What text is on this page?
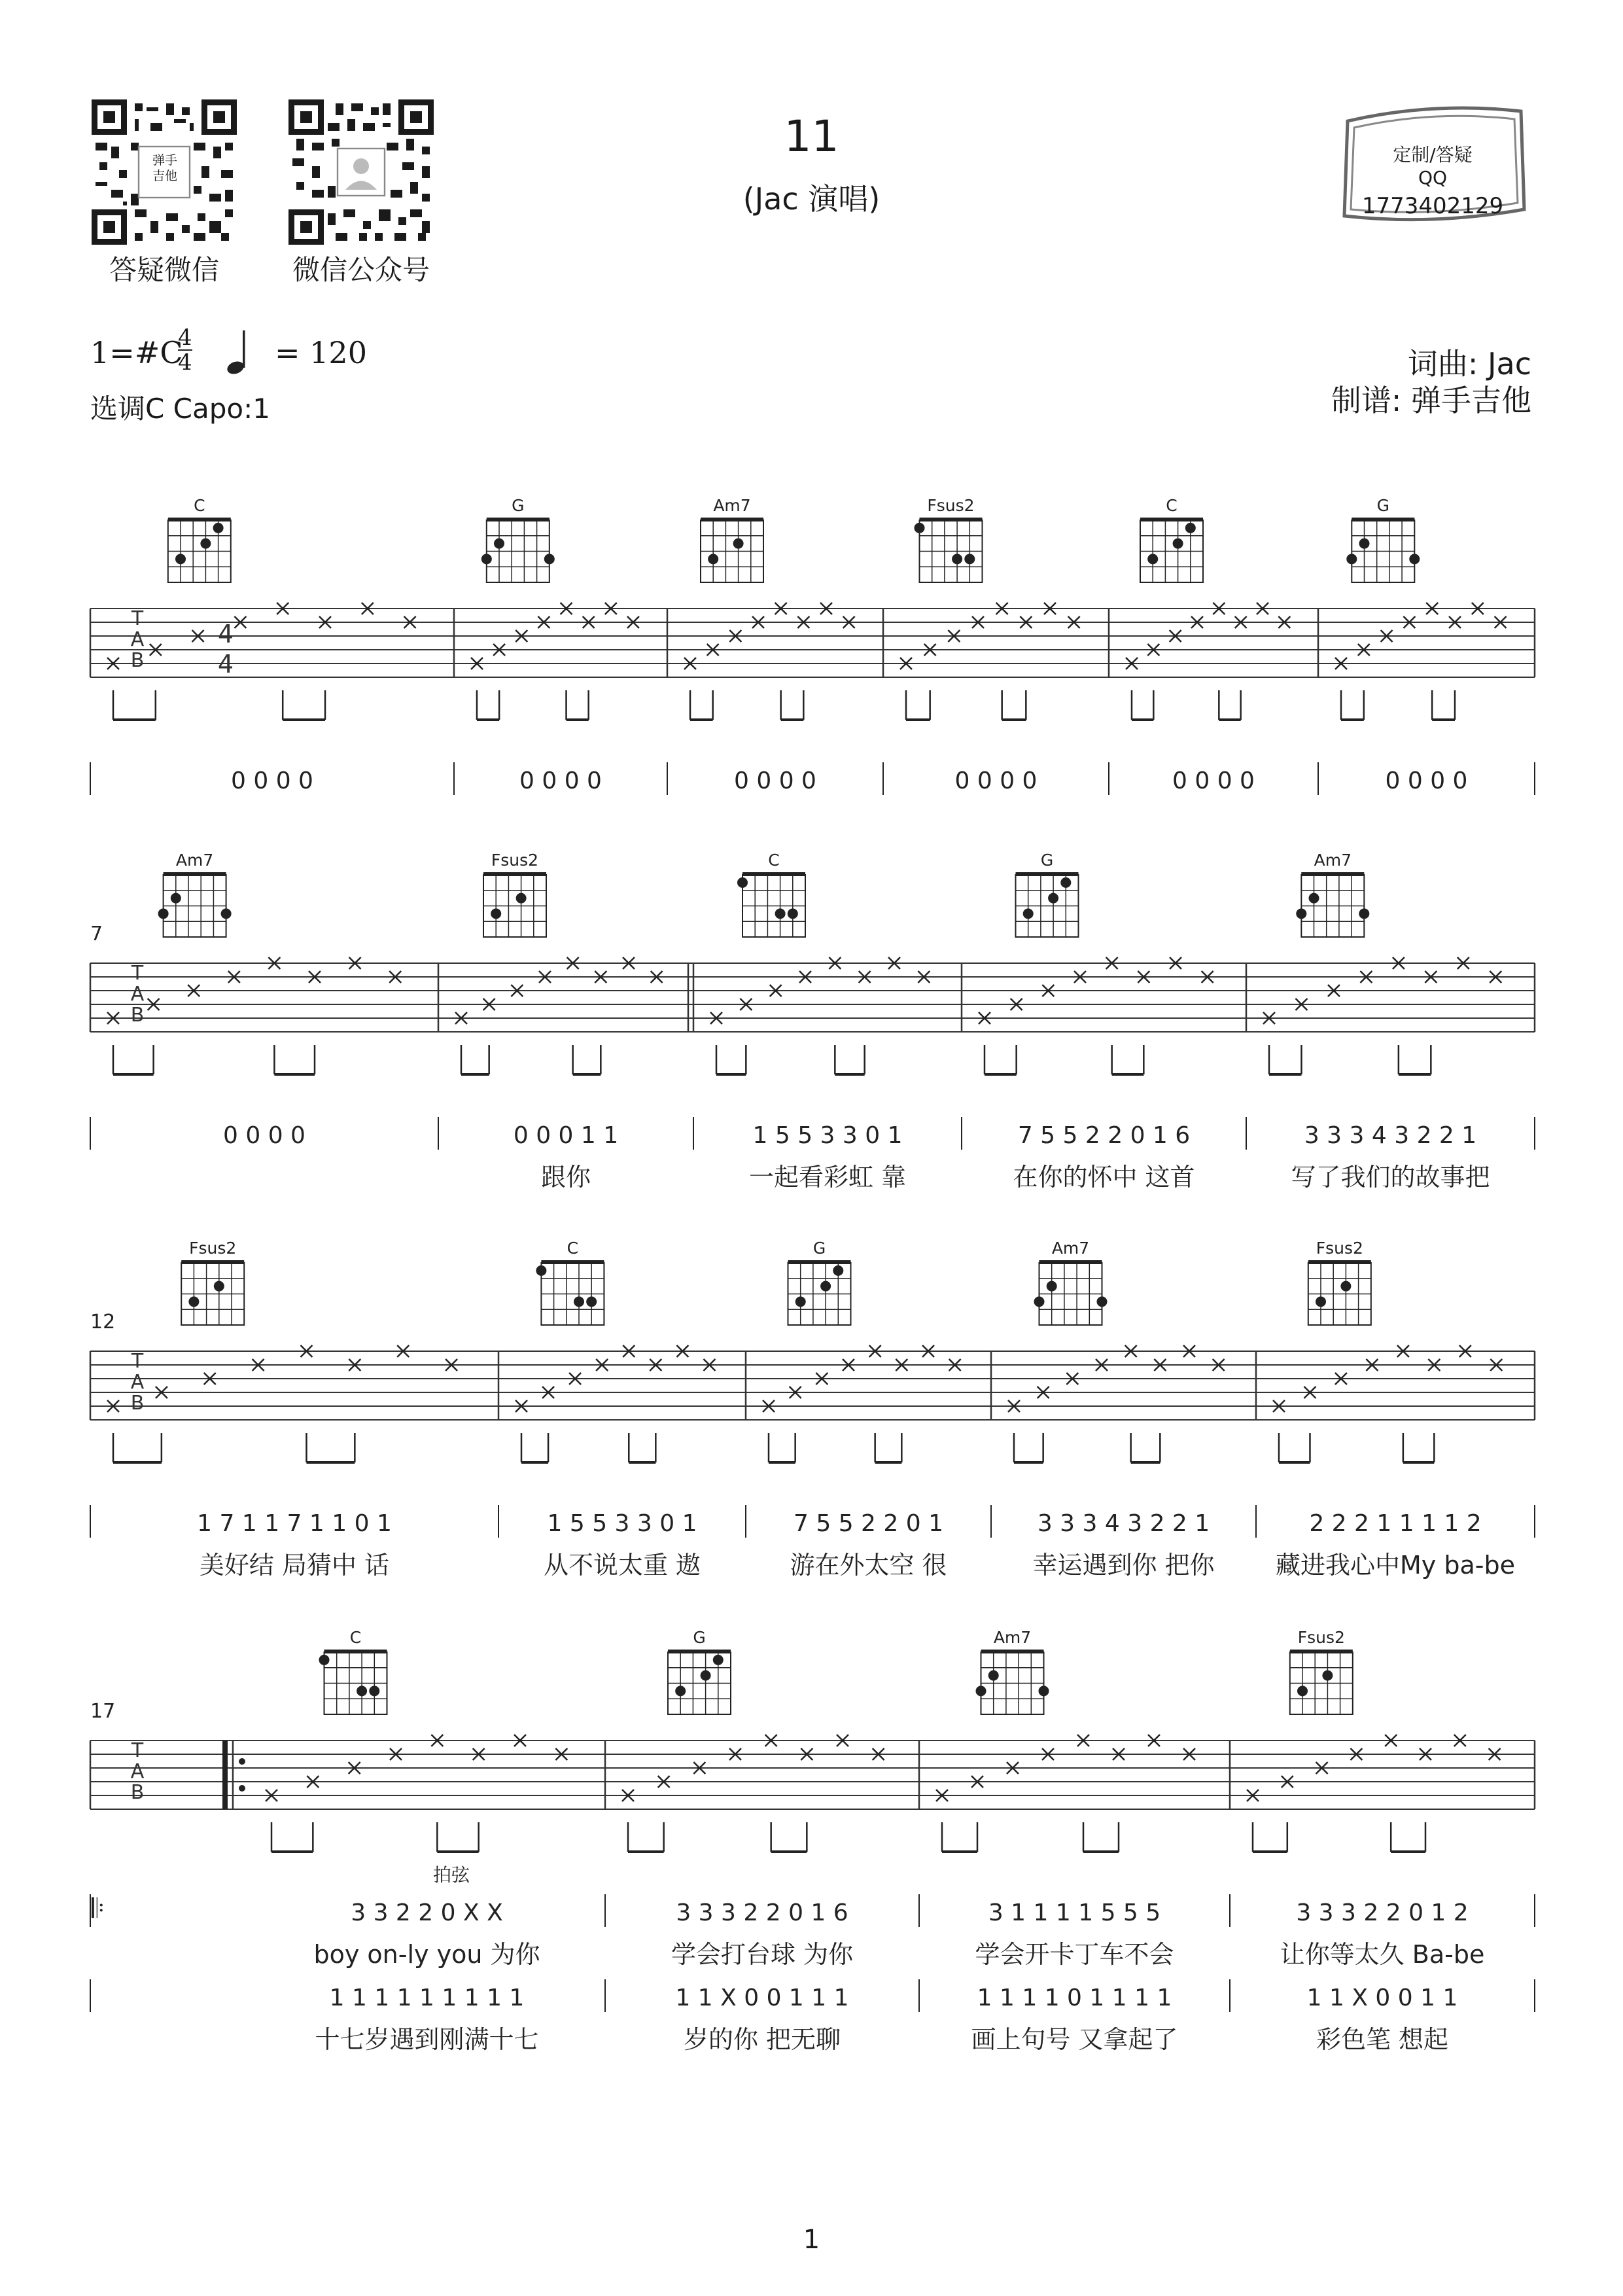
弹手
吉他
答疑微信	微信公众号
11
(Jac 演唱)
定制/答疑
QQ
1773402129
1=#C
4
4	= 120
选调C Capo:1
词曲: Jac
制谱: 弹手吉他
T
A
B
4
4
C
0 0 0 0
G
0 0 0 0
Am7
0 0 0 0
Fsus2
0 0 0 0
C
0 0 0 0
G
0 0 0 0
T
A
B
7
Am7
0 0 0 0
Fsus2
0 0 0 1 1
跟你
C
1 5 5 3 3 0 1
一起看彩虹 靠
G
7 5 5 2 2 0 1 6
在你的怀中 这首
Am7
3 3 3 4 3 2 2 1
写了我们的故事把
T
A
B
12
Fsus2
1 7 1 1 7 1 1 0 1
美好结 局猜中 话
C
1 5 5 3 3 0 1
从不说太重 遨
G
7 5 5 2 2 0 1
游在外太空 很
Am7
3 3 3 4 3 2 2 1
幸运遇到你 把你
Fsus2
2 2 2 1 1 1 1 2
藏进我心中My ba-be
T
A
B
17
C
3 3 2 2 0 X X
boy on-ly you 为你
1 1 1 1 1 1 1 1 1
十七岁遇到刚满十七
G
3 3 3 2 2 0 1 6
学会打台球 为你
1 1 X 0 0 1 1 1
岁的你 把无聊
Am7
3 1 1 1 1 5 5 5
学会开卡丁车不会
1 1 1 1 0 1 1 1 1
画上句号 又拿起了
Fsus2
3 3 3 2 2 0 1 2
让你等太久 Ba-be
1 1 X 0 0 1 1
彩色笔 想起
𝄆
拍弦
1
